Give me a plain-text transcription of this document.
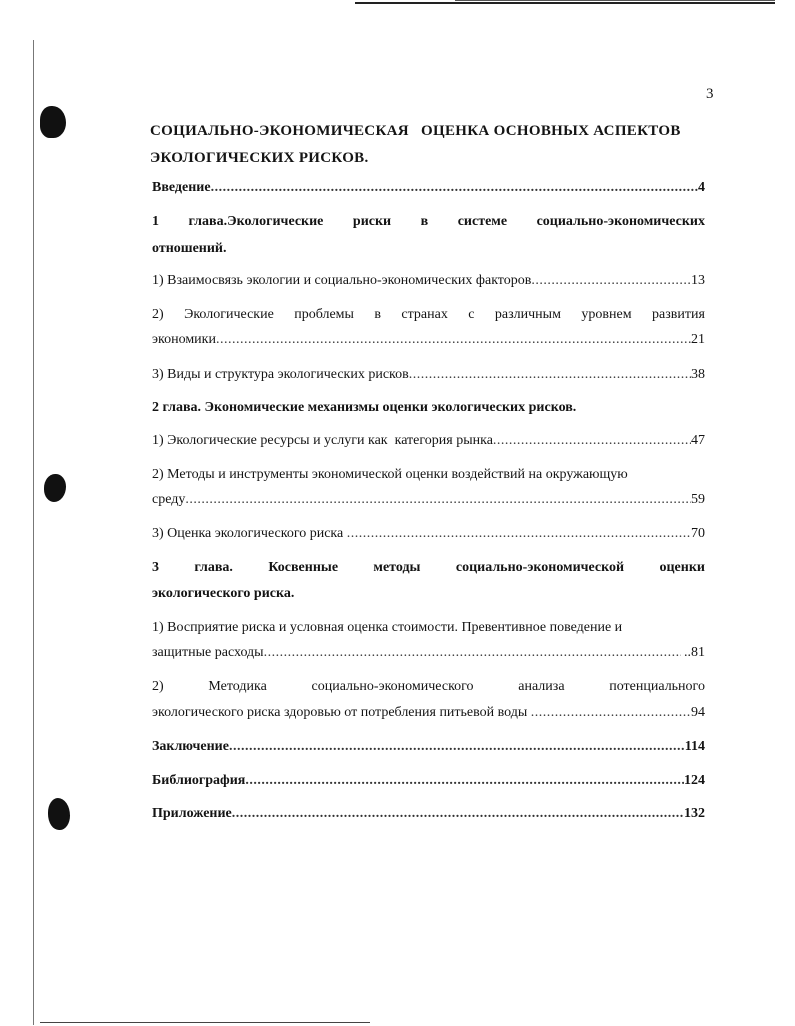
3
СОЦИАЛЬНО-ЭКОНОМИЧЕСКАЯ   ОЦЕНКА ОСНОВНЫХ АСПЕКТОВ
ЭКОЛОГИЧЕСКИХ РИСКОВ.
Введение .....	4
1 глава.Экологические риски в системе социально-экономических
отношений.
1) Взаимосвязь экологии и социально-экономических факторов .....	13
2) Экологические проблемы в странах с различным уровнем развития
экономики .....	21
3) Виды и структура экологических рисков .....	38
2 глава. Экономические механизмы оценки экологических рисков.
1) Экологические ресурсы и услуги как  категория рынка .....	47
2) Методы и инструменты экономической оценки воздействий на окружающую
среду .....	59
3) Оценка экологического риска .....	70
3	глава.	Косвенные	методы	социально-экономической	оценки
экологического риска.
1) Восприятие риска и условная оценка стоимости. Превентивное поведение и
защитные расходы .....	..81
2)	Методика	социально-экономического	анализа	потенциального
экологического риска здоровью от потребления питьевой воды .....	94
Заключение .....	114
Библиография .....	124
Приложение .....	132
